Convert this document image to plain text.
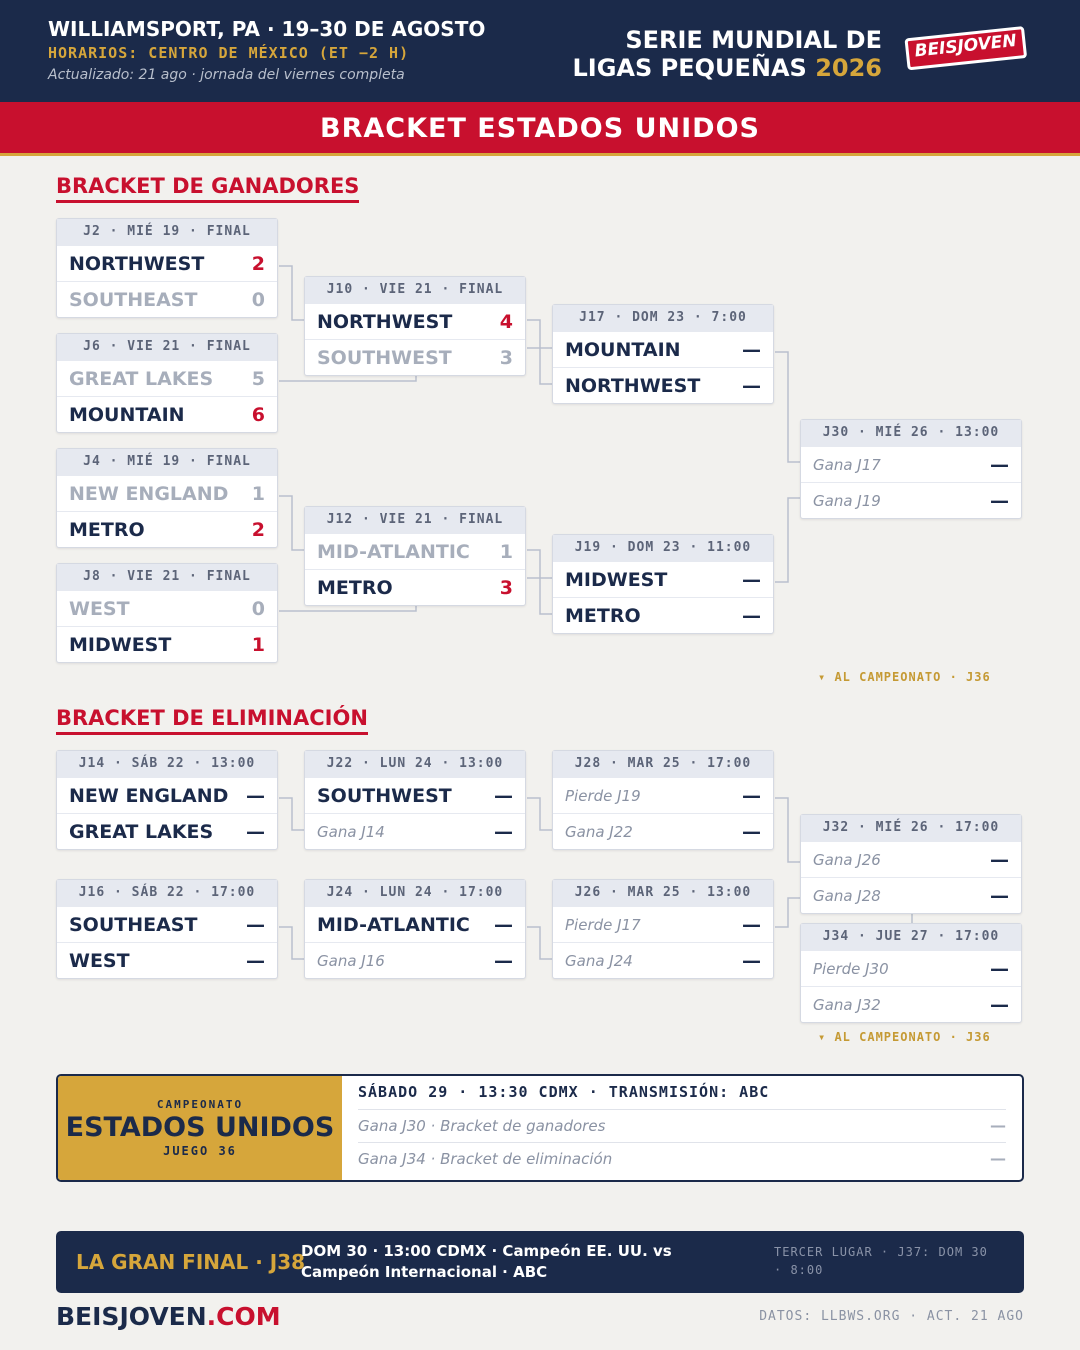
WILLIAMSPORT, PA · 19–30 DE AGOSTO
HORARIOS: CENTRO DE MÉXICO (ET −2 H)
Actualizado: 21 ago · jornada del viernes completa
SERIE MUNDIAL DE
LIGAS PEQUEÑAS 2026
BEISJOVEN
BRACKET ESTADOS UNIDOS
BRACKET DE GANADORES
J2 · MIÉ 19 · FINAL
NORTHWEST 2
SOUTHEAST	0
J6 · VIE 21 · FINAL
GREAT LAKES 5
MOUNTAIN	6
J4 · MIÉ 19 · FINAL
NEW ENGLAND 1
METRO	2
J8 · VIE 21 · FINAL
WEST	0
MIDWEST	1
J10 · VIE 21 · FINAL
NORTHWEST 4
SOUTHWEST	3
J12 · VIE 21 · FINAL
MID-ATLANTIC 1
METRO	3
J17 · DOM 23 · 7:00
MOUNTAIN	—
NORTHWEST —
J19 · DOM 23 · 11:00
MIDWEST	—
METRO	—
J30 · MIÉ 26 · 13:00
Gana J17	—
Gana J19	—
▾ AL CAMPEONATO · J36
BRACKET DE ELIMINACIÓN
J14 · SÁB 22 · 13:00
NEW ENGLAND —
GREAT LAKES —
J16 · SÁB 22 · 17:00
SOUTHEAST	—
WEST	—
J22 · LUN 24 · 13:00
SOUTHWEST —
Gana J14	—
J24 · LUN 24 · 17:00
MID-ATLANTIC —
Gana J16	—
J28 · MAR 25 · 17:00
Pierde J19	—
Gana J22	—
J26 · MAR 25 · 13:00
Pierde J17	—
Gana J24	—
J32 · MIÉ 26 · 17:00
Gana J26	—
Gana J28	—
J34 · JUE 27 · 17:00
Pierde J30	—
Gana J32	—
▾ AL CAMPEONATO · J36
CAMPEONATO
ESTADOS UNIDOS
JUEGO 36
SÁBADO 29 · 13:30 CDMX · TRANSMISIÓN: ABC
Gana J30 · Bracket de ganadores	—
Gana J34 · Bracket de eliminación	—
LA GRAN FINAL · J38
DOM 30 · 13:00 CDMX · Campeón EE. UU. vs Campeón Internacional · ABC
TERCER LUGAR · J37: DOM 30 · 8:00
BEISJOVEN.COM	DATOS: LLBWS.ORG · ACT. 21 AGO
